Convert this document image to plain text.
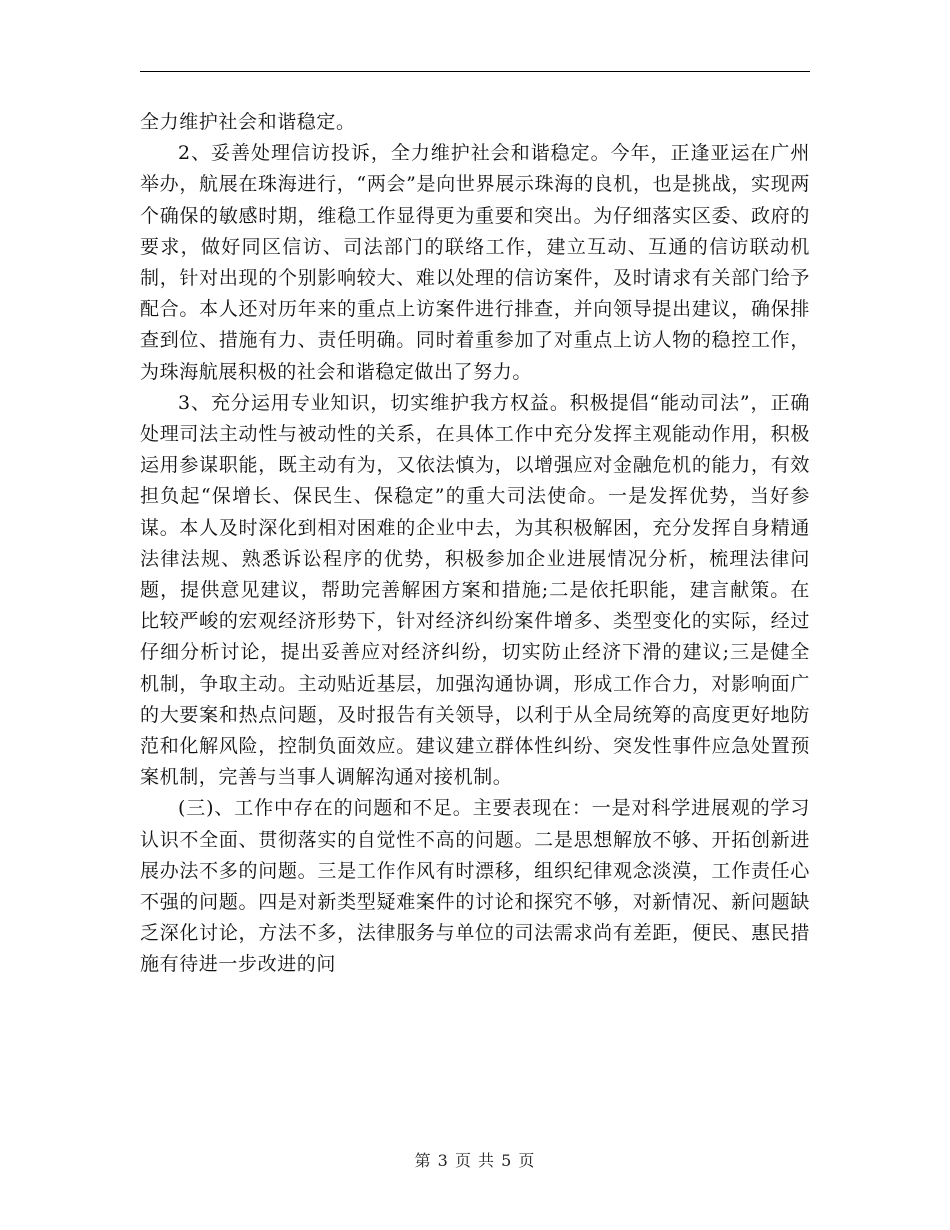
全力维护社会和谐稳定。

2、妥善处理信访投诉，全力维护社会和谐稳定。今年，正逢亚运在广州举办，航展在珠海进行，“两会”是向世界展示珠海的良机，也是挑战，实现两个确保的敏感时期，维稳工作显得更为重要和突出。为仔细落实区委、政府的要求，做好同区信访、司法部门的联络工作，建立互动、互通的信访联动机制，针对出现的个别影响较大、难以处理的信访案件，及时请求有关部门给予配合。本人还对历年来的重点上访案件进行排查，并向领导提出建议，确保排查到位、措施有力、责任明确。同时着重参加了对重点上访人物的稳控工作，为珠海航展积极的社会和谐稳定做出了努力。

3、充分运用专业知识，切实维护我方权益。积极提倡“能动司法”，正确处理司法主动性与被动性的关系，在具体工作中充分发挥主观能动作用，积极运用参谋职能，既主动有为，又依法慎为，以增强应对金融危机的能力，有效担负起“保增长、保民生、保稳定”的重大司法使命。一是发挥优势，当好参谋。本人及时深化到相对困难的企业中去，为其积极解困，充分发挥自身精通法律法规、熟悉诉讼程序的优势，积极参加企业进展情况分析，梳理法律问题，提供意见建议，帮助完善解困方案和措施;二是依托职能，建言献策。在比较严峻的宏观经济形势下，针对经济纠纷案件增多、类型变化的实际，经过仔细分析讨论，提出妥善应对经济纠纷，切实防止经济下滑的建议;三是健全机制，争取主动。主动贴近基层，加强沟通协调，形成工作合力，对影响面广的大要案和热点问题，及时报告有关领导，以利于从全局统筹的高度更好地防范和化解风险，控制负面效应。建议建立群体性纠纷、突发性事件应急处置预案机制，完善与当事人调解沟通对接机制。

(三)、工作中存在的问题和不足。主要表现在：一是对科学进展观的学习认识不全面、贯彻落实的自觉性不高的问题。二是思想解放不够、开拓创新进展办法不多的问题。三是工作作风有时漂移，组织纪律观念淡漠，工作责任心不强的问题。四是对新类型疑难案件的讨论和探究不够，对新情况、新问题缺乏深化讨论，方法不多，法律服务与单位的司法需求尚有差距，便民、惠民措施有待进一步改进的问

第 3 页 共 5 页
